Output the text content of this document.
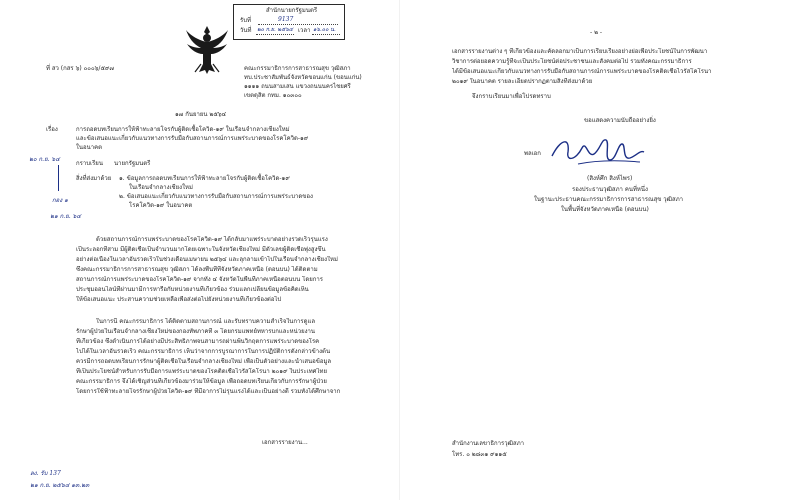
สำนักนายกรัฐมนตรี
รับที่	9137
วันที่ ๒๐ ก.ย. ๒๕๖๔ เวลา ๑๖.๐๐ น.
ที่ สว (กสร ๖) ๐๐๐๖/๕๙๗	คณะกรรมาธิการการสาธารณสุข วุฒิสภา
ทบ.ประชาสัมพันธ์จังหวัดขอนแก่น (ขอนแก่น)
๑๑๑๑ ถนนสามเสน แขวงถนนนครไชยศรี
เขตดุสิต กทม. ๑๐๓๐๐
๑๗ กันยายน ๒๕๖๔
เรื่อง	การถอดบทเรียนการให้ฟ้าทะลายโจรกับผู้ติดเชื้อโควิด-๑๙ ในเรือนจำกลางเชียงใหม่
และข้อเสนอแนะเกี่ยวกับแนวทางการรับมือกับสถานการณ์การแพร่ระบาดของโรคโควิด-๑๙
ในอนาคต
กราบเรียน นายกรัฐมนตรี
สิ่งที่ส่งมาด้วย ๑. ข้อมูลการถอดบทเรียนการให้ฟ้าทะลายโจรกับผู้ติดเชื้อโควิด-๑๙
ในเรือนจำกลางเชียงใหม่
๒. ข้อเสนอแนะเกี่ยวกับแนวทางการรับมือกับสถานการณ์การแพร่ระบาดของ
โรคโควิด-๑๙ ในอนาคต
๒๐ ก.ย. ๖๔
กอง ๑
๒๑ ก.ย. ๖๔
ด้วยสถานการณ์การแพร่ระบาดของโรคโควิด-๑๙ ได้กลับมาแพร่ระบาดอย่างรวดเร็วรุนแรง
เป็นระลอกที่สาม มีผู้ติดเชื้อเป็นจำนวนมากโดยเฉพาะในจังหวัดเชียงใหม่ มีตัวเลขผู้ติดเชื้อพุ่งสูงขึ้น
อย่างต่อเนื่องในเวลาอันรวดเร็วในช่วงเดือนเมษายน ๒๕๖๔ และลุกลามเข้าไปในเรือนจำกลางเชียงใหม่
ซึ่งคณะกรรมาธิการการสาธารณสุข วุฒิสภา ได้ลงพื้นที่ที่จังหวัดภาคเหนือ (ตอนบน) ได้ติดตาม
สถานการณ์การแพร่ระบาดของโรคโควิด-๑๙ จากทั้ง ๔ จังหวัดในพื้นที่ภาคเหนือตอนบน โดยการ
ประชุมออนไลน์ที่ผ่านมามีการหารือกับหน่วยงานที่เกี่ยวข้อง ร่วมแลกเปลี่ยนข้อมูลข้อคิดเห็น
ให้ข้อเสนอแนะ ประสานความช่วยเหลือเพื่อส่งต่อไปยังหน่วยงานที่เกี่ยวข้องต่อไป
ในการนี้ คณะกรรมาธิการ ได้ติดตามสถานการณ์ และรับทราบความสำเร็จในการดูแล
รักษาผู้ป่วยในเรือนจำกลางเชียงใหม่ของกองทัพภาคที่ ๓ โดยกรมแพทย์ทหารบกและหน่วยงาน
ที่เกี่ยวข้อง ซึ่งดำเนินการได้อย่างมีประสิทธิภาพจนสามารถผ่านพ้นวิกฤตการแพร่ระบาดของโรค
ไปได้ในเวลาอันรวดเร็ว คณะกรรมาธิการ เห็นว่าจากการบูรณาการในการปฏิบัติการดังกล่าวข้างต้น
ควรมีการถอดบทเรียนการรักษาผู้ติดเชื้อในเรือนจำกลางเชียงใหม่ เพื่อเป็นตัวอย่างและนำเสนอข้อมูล
ที่เป็นประโยชน์สำหรับการรับมือการแพร่ระบาดของโรคติดเชื้อไวรัสโคโรนา ๒๐๑๙ ในประเทศไทย
คณะกรรมาธิการ จึงได้เชิญส่วนที่เกี่ยวข้องมาร่วมให้ข้อมูล เพื่อถอดบทเรียนเกี่ยวกับการรักษาผู้ป่วย
โดยการใช้ฟ้าทะลายโจรรักษาผู้ป่วยโควิด-๑๙ ที่มีอาการไม่รุนแรงได้และเป็นอย่างดี รวมทั้งได้ศึกษาจาก
เอกสารรายงาน...
ลง. รับ 137
๒๑ ก.ย. ๒๕๖๔ ๑๓.๒๓
- ๒ -
เอกสารรายงานต่าง ๆ ที่เกี่ยวข้องและคัดลอกมาเป็นการเรียบเรียงอย่างย่อเพื่อประโยชน์ในการพัฒนา
วิชาการต่อยอดความรู้ที่จะเป็นประโยชน์ต่อประชาชนและสังคมต่อไป รวมทั้งคณะกรรมาธิการ
ได้มีข้อเสนอแนะเกี่ยวกับแนวทางการรับมือกับสถานการณ์การแพร่ระบาดของโรคติดเชื้อไวรัสโคโรนา
๒๐๑๙ ในอนาคต รายละเอียดปรากฏตามสิ่งที่ส่งมาด้วย
จึงกราบเรียนมาเพื่อโปรดทราบ
ขอแสดงความนับถืออย่างยิ่ง
พลเอก
(สิงห์ศึก สิงห์ไพร)
รองประธานวุฒิสภา คนที่หนึ่ง
ในฐานะประธานคณะกรรมาธิการการสาธารณสุข วุฒิสภา
ในพื้นที่จังหวัดภาคเหนือ (ตอนบน)
สำนักงานเลขาธิการวุฒิสภา
โทร. ๐ ๒๘๓๑ ๙๑๑๕
